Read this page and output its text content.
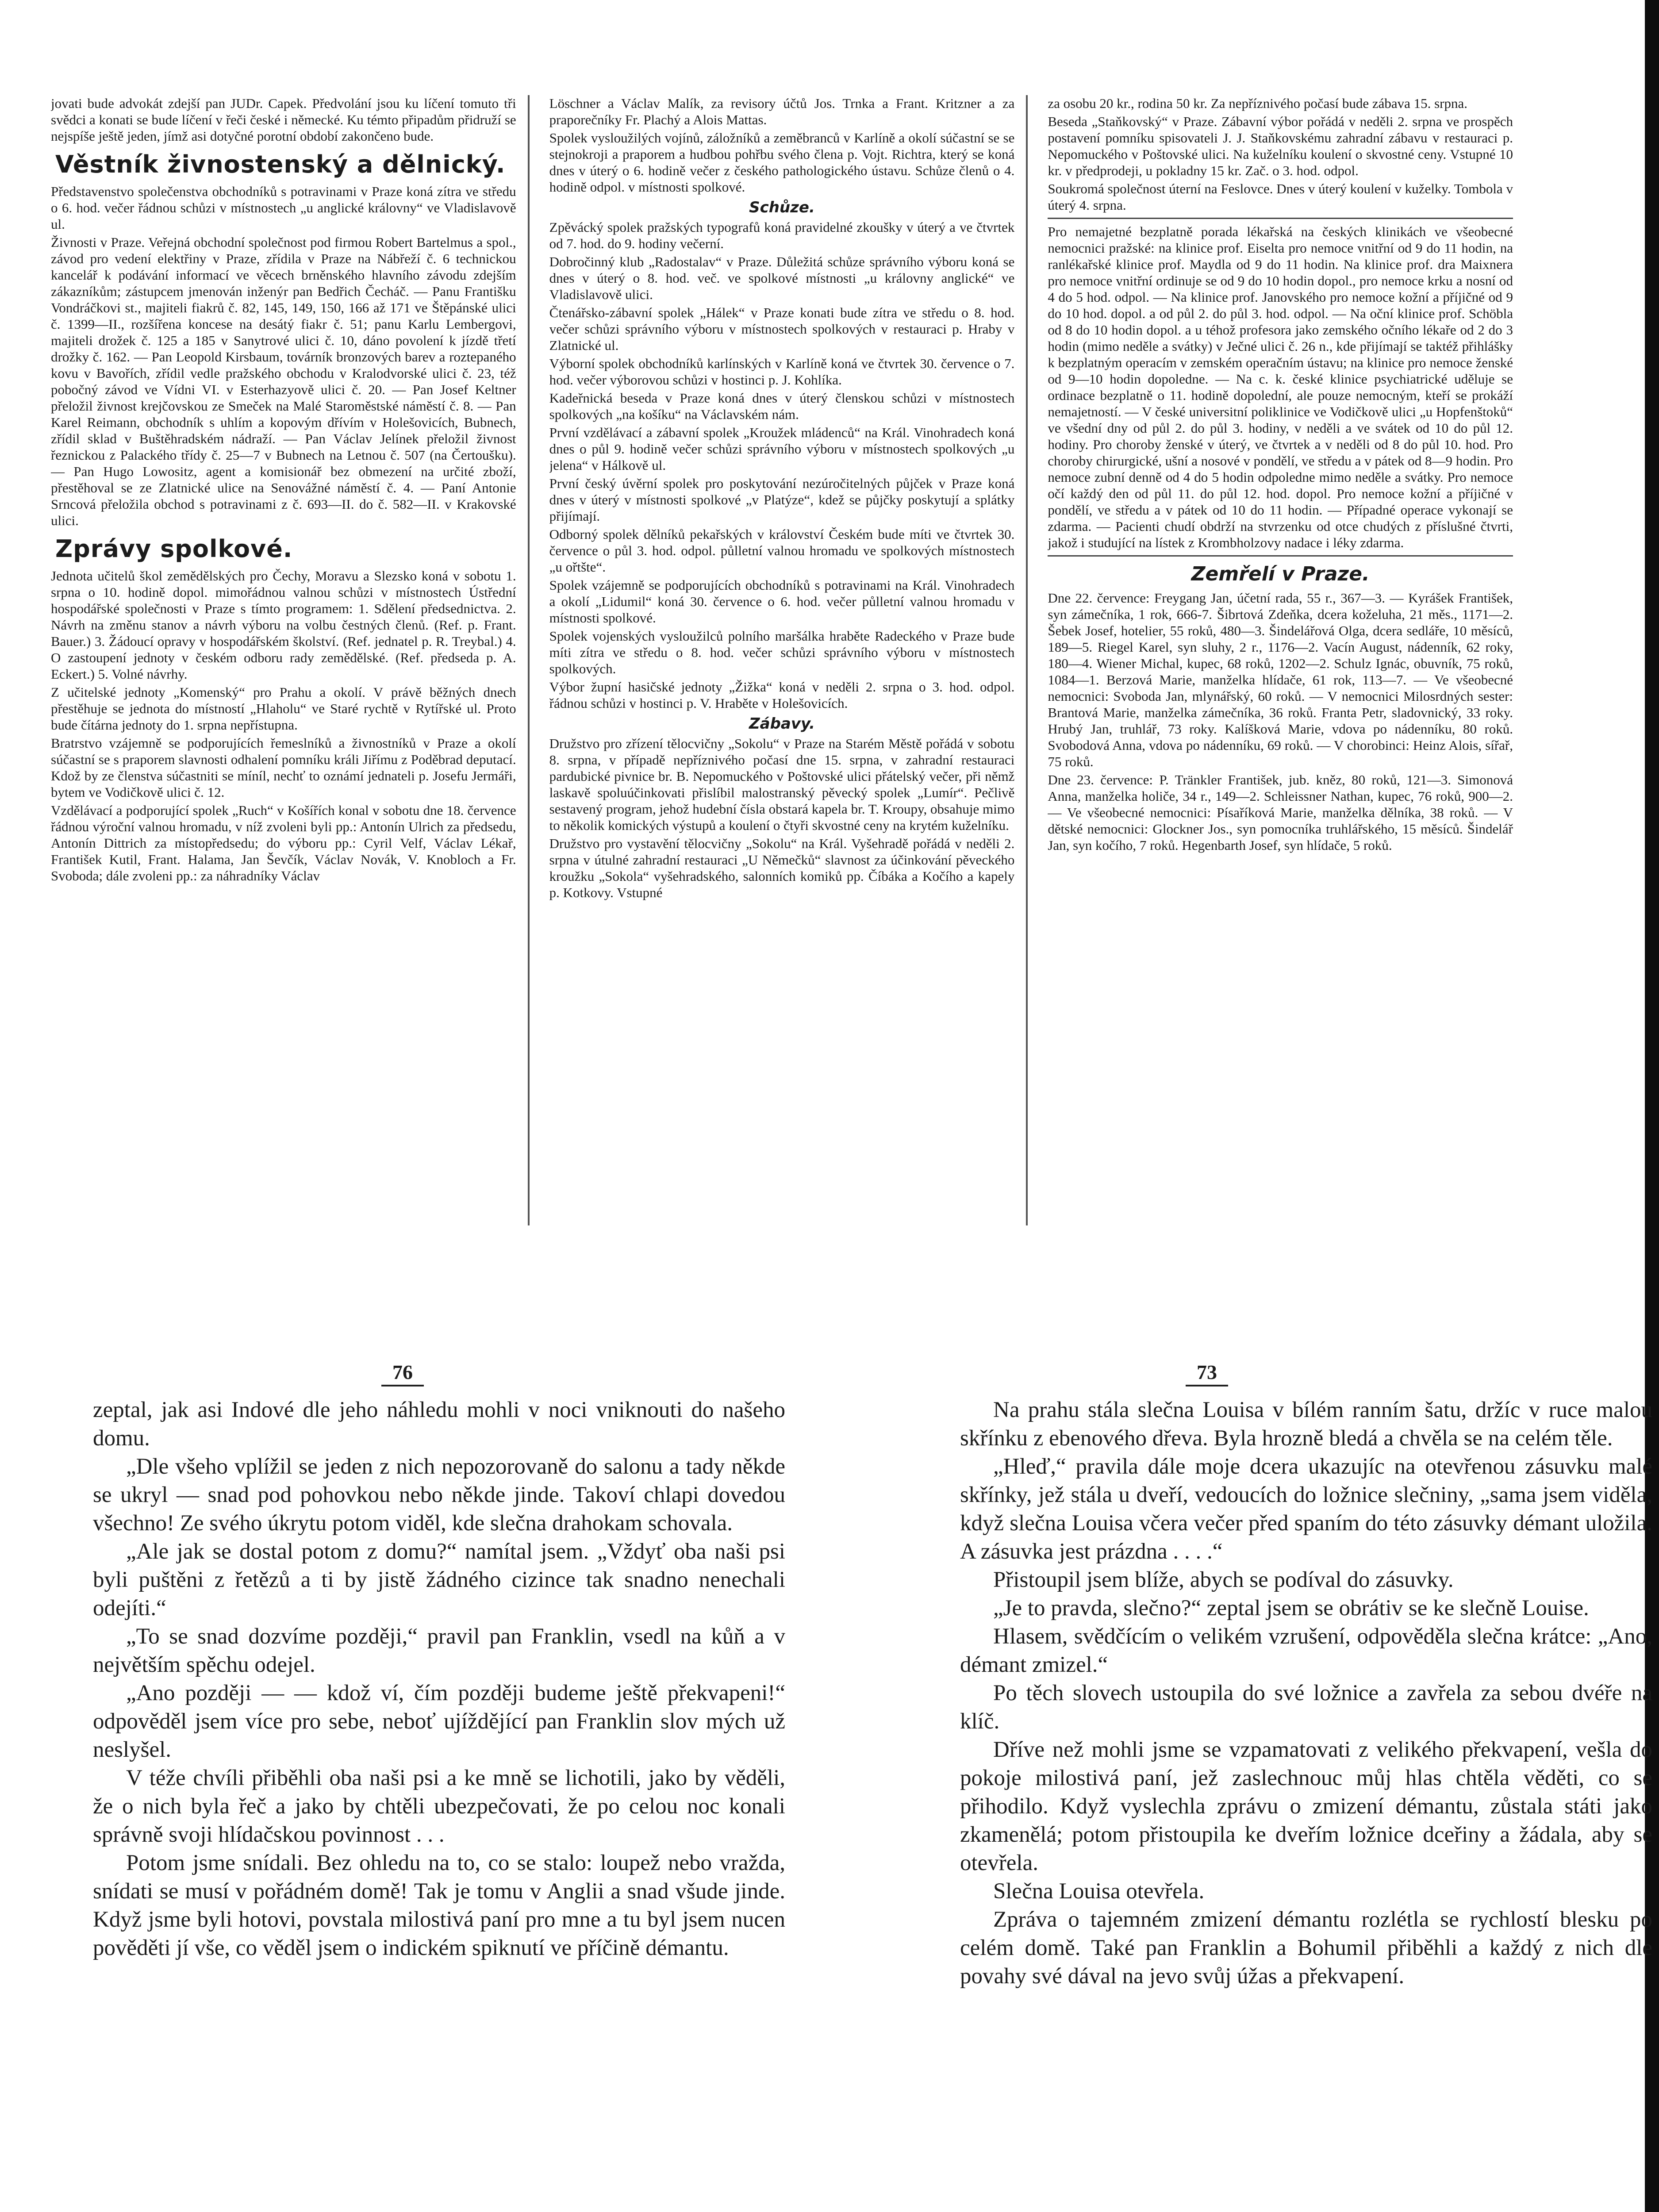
jovati bude advokát zdejší pan JUDr. Capek. Předvolání jsou ku líčení tomuto tři svědci a konati se bude líčení v řeči české i německé. Ku témto připadům přidruží se nejspíše ještě jeden, jímž asi dotyčné porotní období zakončeno bude.

Věstník živnostenský a dělnický.

Představenstvo společenstva obchodníků s potravinami v Praze koná zítra ve středu o 6. hod. večer řádnou schůzi v místnostech „u anglické královny“ ve Vladislavově ul.

Živnosti v Praze. Veřejná obchodní společnost pod firmou Robert Bartelmus a spol., závod pro vedení elektřiny v Praze, zřídila v Praze na Nábřeží č. 6 technickou kancelář k podávání informací ve věcech brněnského hlavního závodu zdejším zákazníkům; zástupcem jmenován inženýr pan Bedřich Čecháč. — Panu Františku Vondráčkovi st., majiteli fiakrů č. 82, 145, 149, 150, 166 až 171 ve Štěpánské ulici č. 1399—II., rozšířena koncese na desátý fiakr č. 51; panu Karlu Lembergovi, majiteli drožek č. 125 a 185 v Sanytrové ulici č. 10, dáno povolení k jízdě třetí drožky č. 162. — Pan Leopold Kirsbaum, továrník bronzových barev a roztepaného kovu v Bavořích, zřídil vedle pražského obchodu v Kralodvorské ulici č. 23, též pobočný závod ve Vídni VI. v Esterhazyově ulici č. 20. — Pan Josef Keltner přeložil živnost krejčovskou ze Smeček na Malé Staroměstské náměstí č. 8. — Pan Karel Reimann, obchodník s uhlím a kopovým dřívím v Holešovicích, Bubnech, zřídil sklad v Buštěhradském nádraží. — Pan Václav Jelínek přeložil živnost řeznickou z Palackého třídy č. 25—7 v Bubnech na Letnou č. 507 (na Čertoušku). — Pan Hugo Lowositz, agent a komisionář bez obmezení na určité zboží, přestěhoval se ze Zlatnické ulice na Senovážné náměstí č. 4. — Paní Antonie Srncová přeložila obchod s potravinami z č. 693—II. do č. 582—II. v Krakovské ulici.

Zprávy spolkové.

Jednota učitelů škol zemědělských pro Čechy, Moravu a Slezsko koná v sobotu 1. srpna o 10. hodině dopol. mimořádnou valnou schůzi v místnostech Ústřední hospodářské společnosti v Praze s tímto programem: 1. Sdělení předsednictva. 2. Návrh na změnu stanov a návrh výboru na volbu čestných členů. (Ref. p. Frant. Bauer.) 3. Žádoucí opravy v hospodářském školství. (Ref. jednatel p. R. Treybal.) 4. O zastoupení jednoty v českém odboru rady zemědělské. (Ref. předseda p. A. Eckert.) 5. Volné návrhy.

Z učitelské jednoty „Komenský“ pro Prahu a okolí. V právě běžných dnech přestěhuje se jednota do místností „Hlaholu“ ve Staré rychtě v Rytířské ul. Proto bude čítárna jednoty do 1. srpna nepřístupna.

Bratrstvo vzájemně se podporujících řemeslníků a živnostníků v Praze a okolí súčastní se s praporem slavnosti odhalení pomníku králi Jiřímu z Poděbrad deputací. Kdož by ze členstva súčastniti se míníl, nechť to oznámí jednateli p. Josefu Jermáři, bytem ve Vodičkově ulici č. 12.

Vzdělávací a podporující spolek „Ruch“ v Košířích konal v sobotu dne 18. července řádnou výroční valnou hromadu, v níž zvoleni byli pp.: Antonín Ulrich za předsedu, Antonín Dittrich za místopředsedu; do výboru pp.: Cyril Velf, Václav Lékař, František Kutil, Frant. Halama, Jan Ševčík, Václav Novák, V. Knobloch a Fr. Svoboda; dále zvoleni pp.: za náhradníky Václav

Löschner a Václav Malík, za revisory účtů Jos. Trnka a Frant. Kritzner a za praporečníky Fr. Plachý a Alois Mattas.

Spolek vysloužilých vojínů, záložníků a zeměbranců v Karlíně a okolí súčastní se se stejnokroji a praporem a hudbou pohřbu svého člena p. Vojt. Richtra, který se koná dnes v úterý o 6. hodině večer z českého pathologického ústavu. Schůze členů o 4. hodině odpol. v místnosti spolkové.

Schůze.

Zpěvácký spolek pražských typografů koná pravidelné zkoušky v úterý a ve čtvrtek od 7. hod. do 9. hodiny večerní.

Dobročinný klub „Radostalav“ v Praze. Důležitá schůze správního výboru koná se dnes v úterý o 8. hod. več. ve spolkové místnosti „u královny anglické“ ve Vladislavově ulici.

Čtenářsko-zábavní spolek „Hálek“ v Praze konati bude zítra ve středu o 8. hod. večer schůzi správního výboru v místnostech spolkových v restauraci p. Hraby v Zlatnické ul.

Výborní spolek obchodníků karlínských v Karlíně koná ve čtvrtek 30. července o 7. hod. večer výborovou schůzi v hostinci p. J. Kohlíka.

Kadeřnická beseda v Praze koná dnes v úterý členskou schůzi v místnostech spolkových „na košíku“ na Václavském nám.

První vzdělávací a zábavní spolek „Kroužek mládenců“ na Král. Vinohradech koná dnes o půl 9. hodině večer schůzi správního výboru v místnostech spolkových „u jelena“ v Hálkově ul.

První český úvěrní spolek pro poskytování nezúročitelných půjček v Praze koná dnes v úterý v místnosti spolkové „v Platýze“, kdež se půjčky poskytují a splátky přijímají.

Odborný spolek dělníků pekařských v království Českém bude míti ve čtvrtek 30. července o půl 3. hod. odpol. půlletní valnou hromadu ve spolkových místnostech „u ořtšte“.

Spolek vzájemně se podporujících obchodníků s potravinami na Král. Vinohradech a okolí „Lidumil“ koná 30. července o 6. hod. večer půlletní valnou hromadu v místnosti spolkové.

Spolek vojenských vysloužilců polního maršálka hraběte Radeckého v Praze bude míti zítra ve středu o 8. hod. večer schůzi správního výboru v místnostech spolkových.

Výbor župní hasičské jednoty „Žižka“ koná v neděli 2. srpna o 3. hod. odpol. řádnou schůzi v hostinci p. V. Hraběte v Holešovicích.

Zábavy.

Družstvo pro zřízení tělocvičny „Sokolu“ v Praze na Starém Městě pořádá v sobotu 8. srpna, v případě nepříznivého počasí dne 15. srpna, v zahradní restauraci pardubické pivnice br. B. Nepomuckého v Poštovské ulici přátelský večer, při němž laskavě spoluúčinkovati přislíbil malostranský pěvecký spolek „Lumír“. Pečlivě sestavený program, jehož hudební čísla obstará kapela br. T. Kroupy, obsahuje mimo to několik komických výstupů a koulení o čtyři skvostné ceny na krytém kuželníku.

Družstvo pro vystavění tělocvičny „Sokolu“ na Král. Vyšehradě pořádá v neděli 2. srpna v útulné zahradní restauraci „U Němečků“ slavnost za účinkování pěveckého kroužku „Sokola“ vyšehradského, salonních komiků pp. Číbáka a Kočího a kapely p. Kotkovy. Vstupné

za osobu 20 kr., rodina 50 kr. Za nepříznivého počasí bude zábava 15. srpna.

Beseda „Staňkovský“ v Praze. Zábavní výbor pořádá v neděli 2. srpna ve prospěch postavení pomníku spisovateli J. J. Staňkovskému zahradní zábavu v restauraci p. Nepomuckého v Poštovské ulici. Na kuželníku koulení o skvostné ceny. Vstupné 10 kr. v předprodeji, u pokladny 15 kr. Zač. o 3. hod. odpol.

Soukromá společnost úterní na Feslovce. Dnes v úterý koulení v kuželky. Tombola v úterý 4. srpna.

Pro nemajetné bezplatně porada lékařská na českých klinikách ve všeobecné nemocnici pražské: na klinice prof. Eiselta pro nemoce vnitřní od 9 do 11 hodin, na ranlékařské klinice prof. Maydla od 9 do 11 hodin. Na klinice prof. dra Maixnera pro nemoce vnitřní ordinuje se od 9 do 10 hodin dopol., pro nemoce krku a nosní od 4 do 5 hod. odpol. — Na klinice prof. Janovského pro nemoce kožní a příjičné od 9 do 10 hod. dopol. a od půl 2. do půl 3. hod. odpol. — Na oční klinice prof. Schöbla od 8 do 10 hodin dopol. a u téhož profesora jako zemského očního lékaře od 2 do 3 hodin (mimo neděle a svátky) v Ječné ulici č. 26 n., kde přijímají se taktéž přihlášky k bezplatným operacím v zemském operačním ústavu; na klinice pro nemoce ženské od 9—10 hodin dopoledne. — Na c. k. české klinice psychiatrické uděluje se ordinace bezplatně o 11. hodině dopolední, ale pouze nemocným, kteří se prokáží nemajetností. — V české universitní poliklinice ve Vodičkově ulici „u Hopfenštoků“ ve všední dny od půl 2. do půl 3. hodiny, v neděli a ve svátek od 10 do půl 12. hodiny. Pro choroby ženské v úterý, ve čtvrtek a v neděli od 8 do půl 10. hod. Pro choroby chirurgické, ušní a nosové v pondělí, ve středu a v pátek od 8—9 hodin. Pro nemoce zubní denně od 4 do 5 hodin odpoledne mimo neděle a svátky. Pro nemoce očí každý den od půl 11. do půl 12. hod. dopol. Pro nemoce kožní a příjičné v pondělí, ve středu a v pátek od 10 do 11 hodin. — Případné operace vykonají se zdarma. — Pacienti chudí obdrží na stvrzenku od otce chudých z příslušné čtvrti, jakož i studující na lístek z Krombholzovy nadace i léky zdarma.

Zemřelí v Praze.

Dne 22. července: Freygang Jan, účetní rada, 55 r., 367—3. — Kyrášek František, syn zámečníka, 1 rok, 666-7. Šibrtová Zdeňka, dcera koželuha, 21 měs., 1171—2. Šebek Josef, hotelier, 55 roků, 480—3. Šindelářová Olga, dcera sedláře, 10 měsíců, 189—5. Riegel Karel, syn sluhy, 2 r., 1176—2. Vacín August, nádenník, 62 roky, 180—4. Wiener Michal, kupec, 68 roků, 1202—2. Schulz Ignác, obuvník, 75 roků, 1084—1. Berzová Marie, manželka hlídače, 61 rok, 113—7. — Ve všeobecné nemocnici: Svoboda Jan, mlynářský, 60 roků. — V nemocnici Milosrdných sester: Brantová Marie, manželka zámečníka, 36 roků. Franta Petr, sladovnický, 33 roky. Hrubý Jan, truhlář, 73 roky. Kalíšková Marie, vdova po nádenníku, 80 roků. Svobodová Anna, vdova po nádenníku, 69 roků. — V chorobinci: Heinz Alois, sířař, 75 roků.

Dne 23. července: P. Tränkler František, jub. kněz, 80 roků, 121—3. Simonová Anna, manželka holiče, 34 r., 149—2. Schleissner Nathan, kupec, 76 roků, 900—2. — Ve všeobecné nemocnici: Písaříková Marie, manželka dělníka, 38 roků. — V dětské nemocnici: Glockner Jos., syn pomocníka truhlářského, 15 měsíců. Šindelář Jan, syn kočího, 7 roků. Hegenbarth Josef, syn hlídače, 5 roků.

76	73

zeptal, jak asi Indové dle jeho náhledu mohli v noci vniknouti do našeho domu.

„Dle všeho vplížil se jeden z nich nepozorovaně do salonu a tady někde se ukryl — snad pod pohovkou nebo někde jinde. Takoví chlapi dovedou všechno! Ze svého úkrytu potom viděl, kde slečna drahokam schovala.

„Ale jak se dostal potom z domu?“ namítal jsem. „Vždyť oba naši psi byli puštěni z řetězů a ti by jistě žádného cizince tak snadno nenechali odejíti.“

„To se snad dozvíme později,“ pravil pan Franklin, vsedl na kůň a v největším spěchu odejel.

„Ano později — — kdož ví, čím později budeme ještě překvapeni!“ odpověděl jsem více pro sebe, neboť ujíždějící pan Franklin slov mých už neslyšel.

V téže chvíli přiběhli oba naši psi a ke mně se lichotili, jako by věděli, že o nich byla řeč a jako by chtěli ubezpečovati, že po celou noc konali správně svoji hlídačskou povinnost . . .

Potom jsme snídali. Bez ohledu na to, co se stalo: loupež nebo vražda, snídati se musí v pořádném domě! Tak je tomu v Anglii a snad všude jinde. Když jsme byli hotovi, povstala milostivá paní pro mne a tu byl jsem nucen pověděti jí vše, co věděl jsem o indickém spiknutí ve příčině démantu.

Na prahu stála slečna Louisa v bílém ranním šatu, držíc v ruce malou skřínku z ebenového dřeva. Byla hrozně bledá a chvěla se na celém těle.

„Hleď,“ pravila dále moje dcera ukazujíc na otevřenou zásuvku malé skřínky, jež stála u dveří, vedoucích do ložnice slečniny, „sama jsem viděla, když slečna Louisa včera večer před spaním do této zásuvky démant uložila. A zásuvka jest prázdna . . . .“

Přistoupil jsem blíže, abych se podíval do zásuvky.

„Je to pravda, slečno?“ zeptal jsem se obrátiv se ke slečně Louise.

Hlasem, svědčícím o velikém vzrušení, odpověděla slečna krátce: „Ano, démant zmizel.“

Po těch slovech ustoupila do své ložnice a zavřela za sebou dvéře na klíč.

Dříve než mohli jsme se vzpamatovati z velikého překvapení, vešla do pokoje milostivá paní, jež zaslechnouc můj hlas chtěla věděti, co se přihodilo. Když vyslechla zprávu o zmizení démantu, zůstala státi jako zkamenělá; potom přistoupila ke dveřím ložnice dceřiny a žádala, aby se otevřela.

Slečna Louisa otevřela.

Zpráva o tajemném zmizení démantu rozlétla se rychlostí blesku po celém domě. Také pan Franklin a Bohumil přiběhli a každý z nich dle povahy své dával na jevo svůj úžas a překvapení.
